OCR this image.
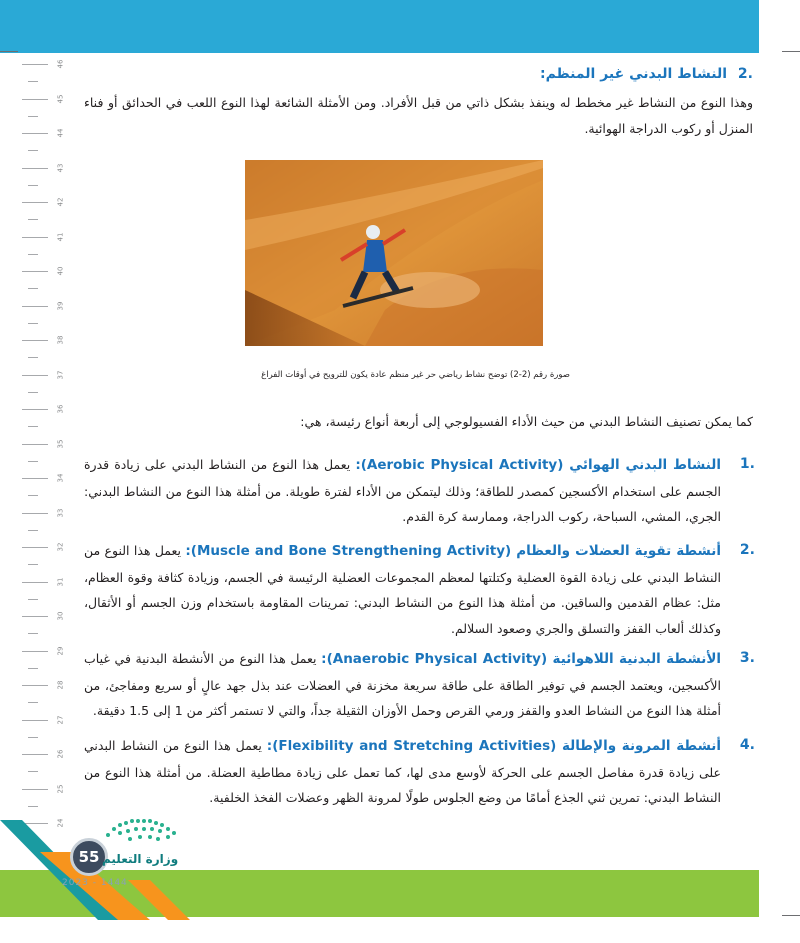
46
45
44
43
42
41
40
39
38
37
36
35
34
33
32
31
30
29
28
27
26
25
24
.2 النشاط البدني غير المنظم:
وهذا النوع من النشاط غير مخطط له وينفذ بشكل ذاتي من قبل الأفراد. ومن الأمثلة الشائعة لهذا النوع اللعب في الحدائق أو فناء المنزل أو ركوب الدراجة الهوائية.
كما يمكن تصنيف النشاط البدني من حيث الأداء الفسيولوجي إلى أربعة أنواع رئيسة، هي:
.1
النشاط البدني الهوائي (Aerobic Physical Activity): يعمل هذا النوع من النشاط البدني على زيادة قدرة الجسم على استخدام الأكسجين كمصدر للطاقة؛ وذلك ليتمكن من الأداء لفترة طويلة. من أمثلة هذا النوع من النشاط البدني: الجري، المشي، السباحة، ركوب الدراجة، وممارسة كرة القدم.
.2
أنشطة تقوية العضلات والعظام (Muscle and Bone Strengthening Activity): يعمل هذا النوع من النشاط البدني على زيادة القوة العضلية وكتلتها لمعظم المجموعات العضلية الرئيسة في الجسم، وزيادة كثافة وقوة العظام، مثل: عظام القدمين والساقين. من أمثلة هذا النوع من النشاط البدني: تمرينات المقاومة باستخدام وزن الجسم أو الأثقال، وكذلك ألعاب القفز والتسلق والجري وصعود السلالم.
.3
الأنشطة البدنية اللاهوائية (Anaerobic Physical Activity): يعمل هذا النوع من الأنشطة البدنية في غياب الأكسجين، ويعتمد الجسم في توفير الطاقة على طاقة سريعة مخزنة في العضلات عند بذل جهد عالٍ أو سريع ومفاجئ، من أمثلة هذا النوع من النشاط العدو والقفز ورمي القرص وحمل الأوزان الثقيلة جداً، والتي لا تستمر أكثر من 1 إلى 1.5 دقيقة.
.4
أنشطة المرونة والإطالة (Flexibility and Stretching Activities): يعمل هذا النوع من النشاط البدني على زيادة قدرة مفاصل الجسم على الحركة لأوسع مدى لها، كما تعمل على زيادة مطاطية العضلة. من أمثلة هذا النوع من النشاط البدني: تمرين ثني الجذع أمامًا من وضع الجلوس طولًا لمرونة الظهر وعضلات الفخذ الخلفية.
صورة رقم (2-2) توضح نشاط رياضي حر غير منظم عادة يكون للترويح في أوقات الفراغ
55 وزارة التعليم
2023 - 1444
